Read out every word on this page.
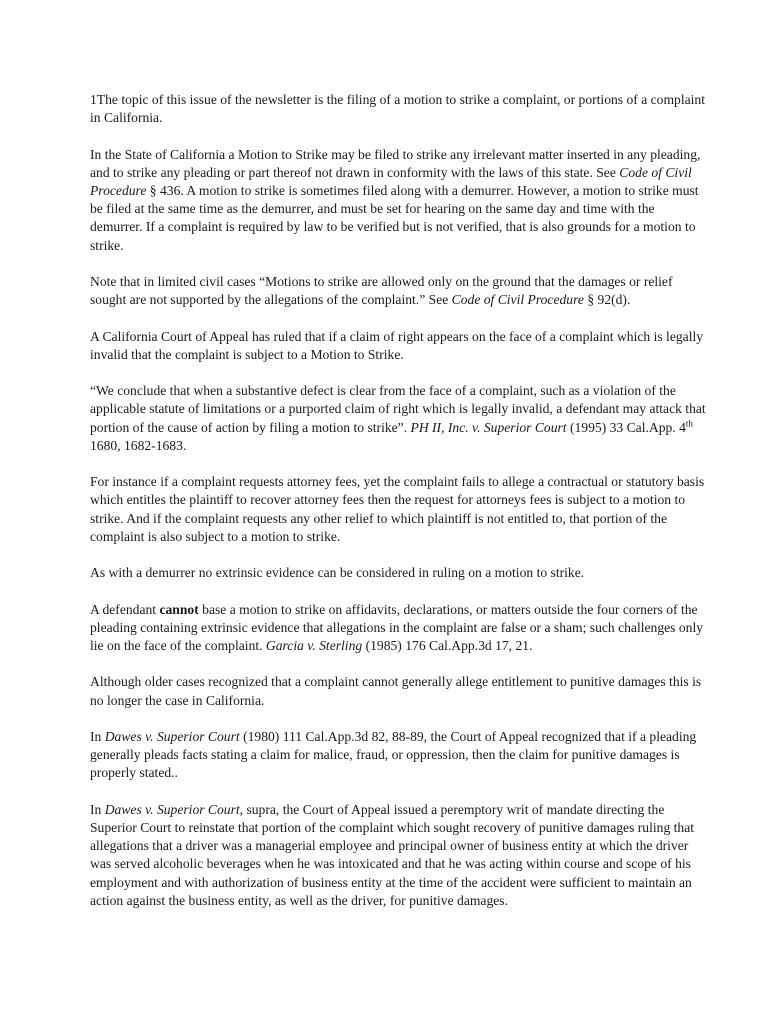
1The topic of this issue of the newsletter is the filing of a motion to strike a complaint, or portions of a complaint in California.

In the State of California a Motion to Strike may be filed to strike any irrelevant matter inserted in any pleading, and to strike any pleading or part thereof not drawn in conformity with the laws of this state. See Code of Civil Procedure § 436. A motion to strike is sometimes filed along with a demurrer. However, a motion to strike must be filed at the same time as the demurrer, and must be set for hearing on the same day and time with the demurrer. If a complaint is required by law to be verified but is not verified, that is also grounds for a motion to strike.

Note that in limited civil cases “Motions to strike are allowed only on the ground that the damages or relief sought are not supported by the allegations of the complaint.” See Code of Civil Procedure § 92(d).

A California Court of Appeal has ruled that if a claim of right appears on the face of a complaint which is legally invalid that the complaint is subject to a Motion to Strike.

“We conclude that when a substantive defect is clear from the face of a complaint, such as a violation of the applicable statute of limitations or a purported claim of right which is legally invalid, a defendant may attack that portion of the cause of action by filing a motion to strike”. PH II, Inc. v. Superior Court (1995) 33 Cal.App. 4th 1680, 1682-1683.

For instance if a complaint requests attorney fees, yet the complaint fails to allege a contractual or statutory basis which entitles the plaintiff to recover attorney fees then the request for attorneys fees is subject to a motion to strike. And if the complaint requests any other relief to which plaintiff is not entitled to, that portion of the complaint is also subject to a motion to strike.

As with a demurrer no extrinsic evidence can be considered in ruling on a motion to strike.

A defendant cannot base a motion to strike on affidavits, declarations, or matters outside the four corners of the pleading containing extrinsic evidence that allegations in the complaint are false or a sham; such challenges only lie on the face of the complaint. Garcia v. Sterling (1985) 176 Cal.App.3d 17, 21.

Although older cases recognized that a complaint cannot generally allege entitlement to punitive damages this is no longer the case in California.

In Dawes v. Superior Court (1980) 111 Cal.App.3d 82, 88-89, the Court of Appeal recognized that if a pleading generally pleads facts stating a claim for malice, fraud, or oppression, then the claim for punitive damages is properly stated..

In Dawes v. Superior Court, supra, the Court of Appeal issued a peremptory writ of mandate directing the Superior Court to reinstate that portion of the complaint which sought recovery of punitive damages ruling that allegations that a driver was a managerial employee and principal owner of business entity at which the driver was served alcoholic beverages when he was intoxicated and that he was acting within course and scope of his employment and with authorization of business entity at the time of the accident were sufficient to maintain an action against the business entity, as well as the driver, for punitive damages.
